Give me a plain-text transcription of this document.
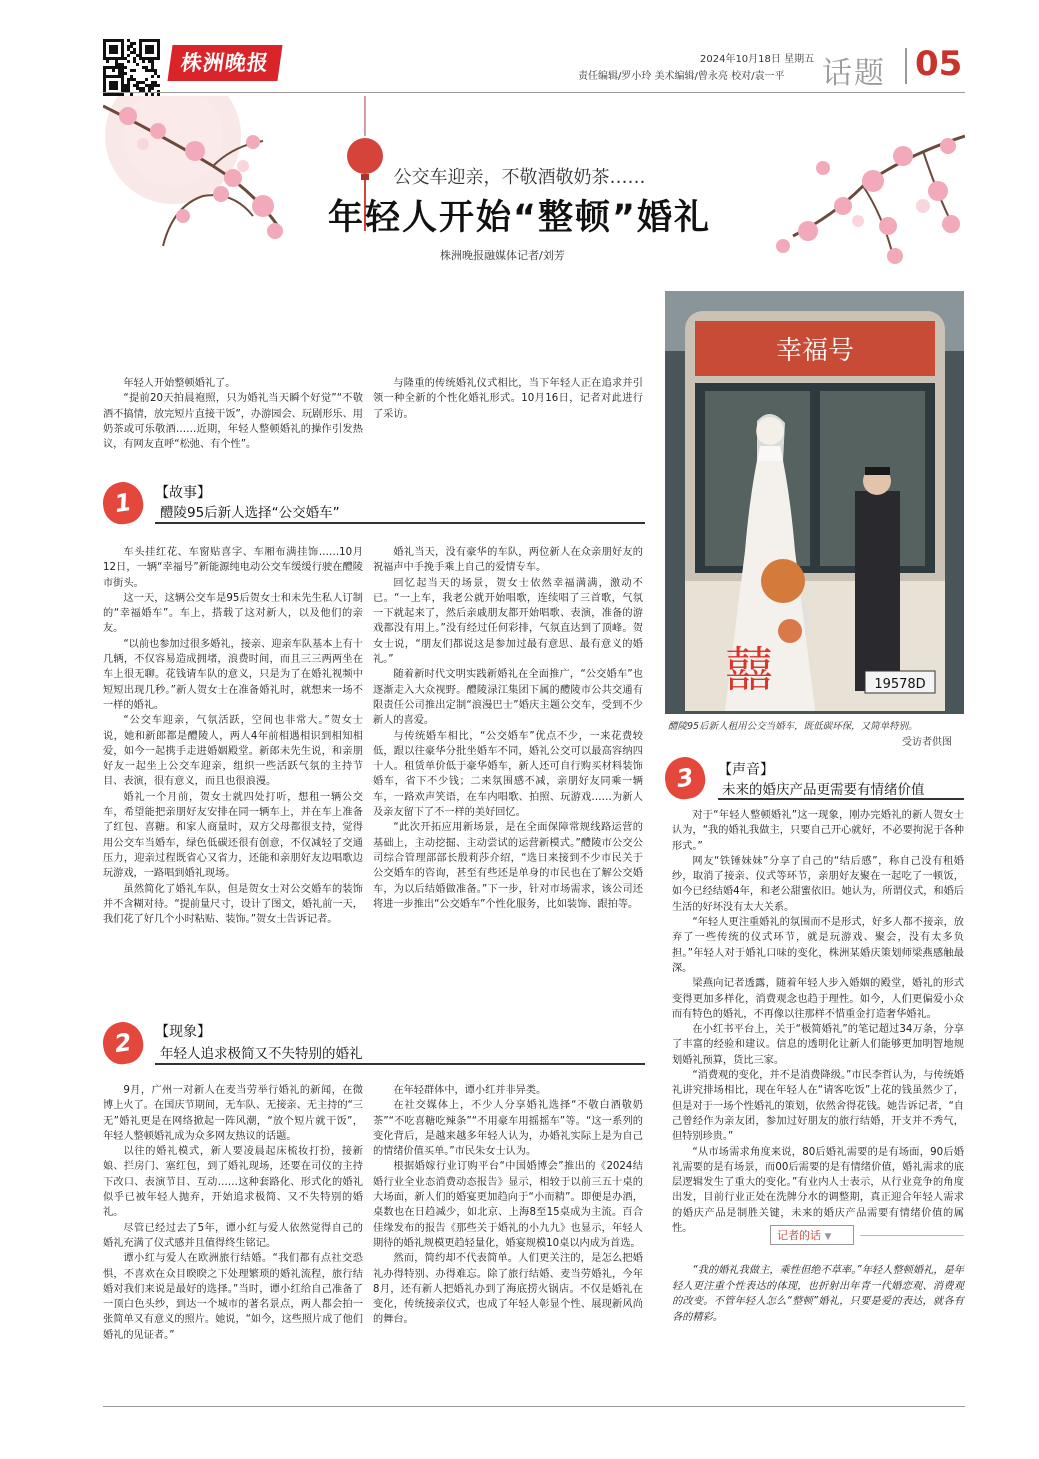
株洲晚报	2024年10月18日 星期五
责任编辑/罗小玲 美术编辑/曾永亮 校对/袁一平 话题 05
公交车迎亲，不敬酒敬奶茶……
年轻人开始“整顿”婚礼
株洲晚报融媒体记者/刘芳

年轻人开始整顿婚礼了。

“提前20天拍晨袍照，只为婚礼当天瞬个好觉”“不敬酒不搞情，放完短片直接干饭”，办游园会、玩剧形乐、用奶茶或可乐敬酒……近期，年轻人整顿婚礼的操作引发热议，有网友直呼“松弛、有个性”。

与隆重的传统婚礼仪式相比，当下年轻人正在追求并引领一种全新的个性化婚礼形式。10月16日，记者对此进行了采访。

1	【故事】
醴陵95后新人选择“公交婚车”

车头挂红花、车窗贴喜字、车厢布满挂饰……10月12日，一辆“幸福号”新能源纯电动公交车缓缓行驶在醴陵市街头。

这一天，这辆公交车是95后贺女士和未先生私人订制的“幸福婚车”。车上，搭载了这对新人，以及他们的亲友。

“以前也参加过很多婚礼，接亲、迎亲车队基本上有十几辆，不仅容易造成拥堵，浪费时间，而且三三两两坐在车上很无聊。花钱请车队的意义，只是为了在婚礼视频中短短出现几秒。”新人贺女士在准备婚礼时，就想来一场不一样的婚礼。

“公交车迎亲，气氛活跃，空间也非常大。”贺女士说，她和新郎都是醴陵人，两人4年前相遇相识到相知相爱，如今一起携手走进婚姻殿堂。新郎未先生说，和亲朋好友一起坐上公交车迎亲，组织一些活跃气氛的主持节目、表演，很有意义，而且也很浪漫。

婚礼一个月前，贺女士就四处打听，想租一辆公交车，希望能把亲朋好友安排在同一辆车上，并在车上准备了红包、喜糖。和家人商量时，双方父母都很支持，觉得用公交车当婚车，绿色低碳还很有创意，不仅减轻了交通压力，迎亲过程既省心又省力，还能和亲朋好友边唱歌边玩游戏，一路唱到婚礼现场。

虽然简化了婚礼车队，但是贺女士对公交婚车的装饰并不含糊对待。“提前量尺寸，设计了图文，婚礼前一天，我们花了好几个小时粘贴、装饰。”贺女士告诉记者。

婚礼当天，没有豪华的车队，两位新人在众亲朋好友的祝福声中手挽手乘上自己的爱情专车。

回忆起当天的场景，贺女士依然幸福满满，激动不已。“一上车，我老公就开始唱歌，连续唱了三首歌，气氛一下就起来了，然后亲戚朋友都开始唱歌、表演，准备的游戏都没有用上。”没有经过任何彩排，气氛直达到了顶峰。贺女士说，“朋友们都说这是参加过最有意思、最有意义的婚礼。”

随着新时代文明实践新婚礼在全面推广，“公交婚车”也逐渐走入大众视野。醴陵渌江集团下属的醴陵市公共交通有限责任公司推出定制“浪漫巴士”婚庆主题公交车，受到不少新人的喜爱。

与传统婚车相比，“公交婚车”优点不少，一来花费较低，跟以往豪华分批坐婚车不同，婚礼公交可以最高容纳四十人。租赁单价低于豪华婚车，新人还可自行购买材料装饰婚车，省下不少钱；二来氛围感不减，亲朋好友同乘一辆车，一路欢声笑语，在车内唱歌、拍照、玩游戏……为新人及亲友留下了不一样的美好回忆。

“此次开拓应用新场景，是在全面保障常规线路运营的基础上，主动挖掘、主动尝试的运营新模式。”醴陵市公交公司综合管理部部长殷莉莎介绍，“选日来接到不少市民关于公交婚车的咨询，甚至有些还是单身的市民也在了解公交婚车，为以后结婚做准备。”下一步，针对市场需求，该公司还将进一步推出“公交婚车”个性化服务，比如装饰、跟拍等。

幸福号
19578D
囍
醴陵95后新人租用公交当婚车，既低碳环保，又简单特别。
受访者供图
3	【声音】
未来的婚庆产品更需要有情绪价值

对于“年轻人整顿婚礼”这一现象，刚办完婚礼的新人贺女士认为，“我的婚礼我做主，只要自己开心就好，不必要拘泥于各种形式。”

网友“铁锤妹妹”分享了自己的“结后感”，称自己没有租婚纱，取消了接亲、仪式等环节，亲朋好友聚在一起吃了一顿饭，如今已经结婚4年，和老公甜蜜依旧。她认为，所谓仪式，和婚后生活的好坏没有太大关系。

“年轻人更注重婚礼的氛围而不是形式，好多人都不接亲，放弃了一些传统的仪式环节，就是玩游戏、聚会，没有太多负担。”年轻人对于婚礼口味的变化，株洲某婚庆策划师梁燕感触最深。

梁燕向记者透露，随着年轻人步入婚姻的殿堂，婚礼的形式变得更加多样化，消费观念也趋于理性。如今，人们更偏爱小众而有特色的婚礼，不再像以往那样不惜重金打造奢华婚礼。

在小红书平台上，关于“极简婚礼”的笔记超过34万条，分享了丰富的经验和建议。信息的透明化让新人们能够更加明智地规划婚礼预算，货比三家。

“消费观的变化，并不是消费降级。”市民李哲认为，与传统婚礼讲究排场相比，现在年轻人在“请客吃饭”上花的钱虽然少了，但是对于一场个性婚礼的策划，依然舍得花钱。她告诉记者，“自己曾经作为亲友团，参加过好朋友的旅行结婚，开支并不秀气，但特别珍贵。”

“从市场需求角度来说，80后婚礼需要的是有场面，90后婚礼需要的是有场景，而00后需要的是有情绪价值，婚礼需求的底层逻辑发生了重大的变化。”有业内人士表示，从行业竞争的角度出发，目前行业正处在洗牌分水的调整期，真正迎合年轻人需求的婚庆产品是制胜关键，未来的婚庆产品需要有情绪价值的属性。

2	【现象】
年轻人追求极简又不失特别的婚礼

9月，广州一对新人在麦当劳举行婚礼的新闻，在微博上火了。在国庆节期间，无车队、无接亲、无主持的“三无”婚礼更是在网络掀起一阵风潮，“放个短片就干饭”，年轻人整顿婚礼成为众多网友热议的话题。

以往的婚礼模式，新人要凌晨起床梳妆打扮，接新娘、拦房门、塞红包，到了婚礼现场，还要在司仪的主持下改口、表演节目、互动……这种套路化、形式化的婚礼似乎已被年轻人抛弃，开始追求极简、又不失特别的婚礼。

尽管已经过去了5年，谭小红与爱人依然觉得自己的婚礼充满了仪式感并且值得终生铭记。

谭小红与爱人在欧洲旅行结婚。“我们都有点社交恐惧，不喜欢在众目睽睽之下处理繁琐的婚礼流程，旅行结婚对我们来说是最好的选择。”当时，谭小红给自己准备了一顶白色头纱，到达一个城市的著名景点，两人都会拍一张简单又有意义的照片。她说，“如今，这些照片成了他们婚礼的见证者。”

在年轻群体中，谭小红并非异类。

在社交媒体上，不少人分享婚礼选择“不敬白酒敬奶茶”“不吃喜糖吃辣条”“不用豪车用摇摇车”等。“这一系列的变化背后，是越来越多年轻人认为，办婚礼实际上是为自己的情绪价值买单。”市民朱女士认为。

根据婚嫁行业订购平台“中国婚博会”推出的《2024结婚行业全业态消费动态报告》显示，相较于以前三五十桌的大场面，新人们的婚宴更加趋向于“小而精”。即便是办酒，桌数也在日趋减少，如北京、上海8至15桌成为主流。百合佳缘发布的报告《那些关于婚礼的小九九》也显示，年轻人期待的婚礼规模更趋轻量化，婚宴规模10桌以内成为首选。

然而，简约却不代表简单。人们更关注的，是怎么把婚礼办得特别、办得难忘。除了旅行结婚、麦当劳婚礼，今年8月，还有新人把婚礼办到了海底捞火锅店。不仅是婚礼在变化，传统接亲仪式，也成了年轻人彰显个性、展现新风尚的舞台。

记者的话 ▼

“我的婚礼我做主，乘性但绝不草率。”年轻人整顿婚礼，是年轻人更注重个性表达的体现，也折射出年青一代婚恋观、消费观的改变。不管年轻人怎么“整顿”婚礼，只要是爱的表达，就各有各的精彩。
